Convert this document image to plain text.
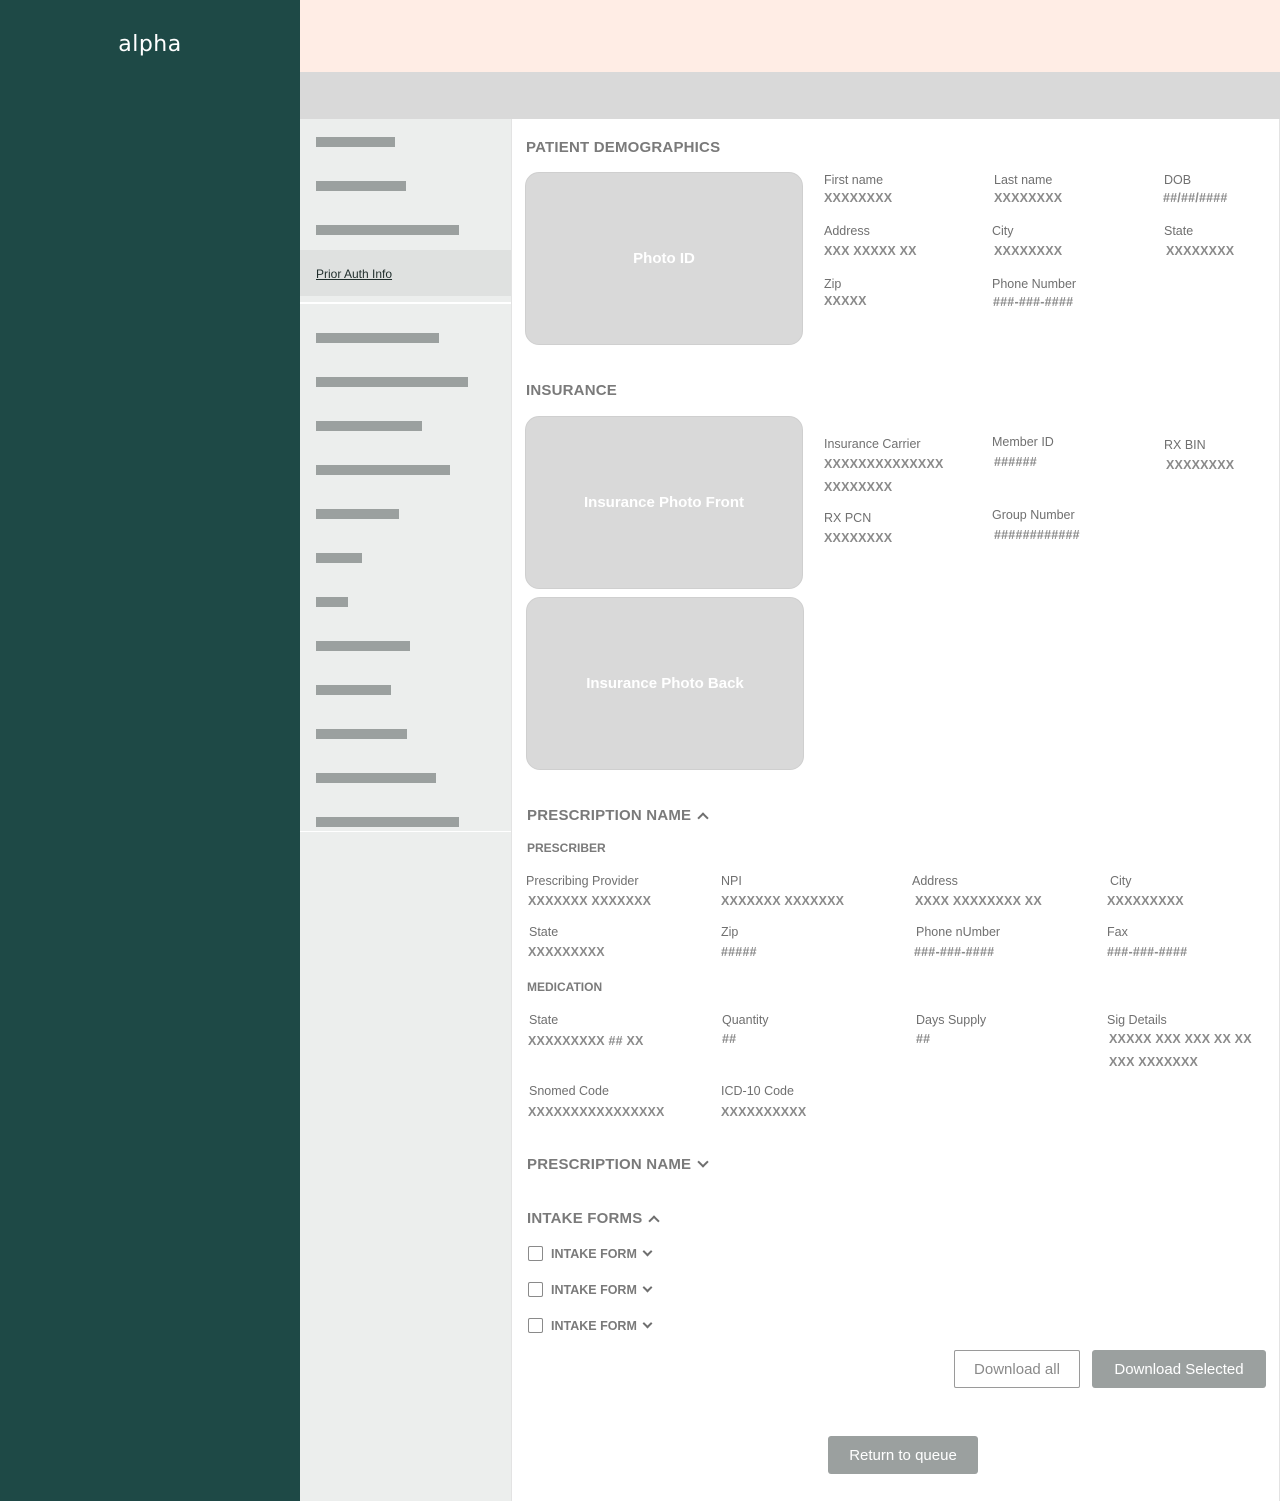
alpha
Prior Auth Info
PATIENT DEMOGRAPHICS
Photo ID
First name
XXXXXXXX
Last name
XXXXXXXX
DOB
##/##/####
Address
XXX XXXXX XX
City
XXXXXXXX
State
XXXXXXXX
Zip
XXXXX
Phone Number
###-###-####
INSURANCE
Insurance Photo Front
Insurance Photo Back
Insurance Carrier
XXXXXXXXXXXXXX
XXXXXXXX
Member ID
######
RX BIN
XXXXXXXX
RX PCN
XXXXXXXX
Group Number
############
PRESCRIPTION NAME
PRESCRIBER
Prescribing Provider
XXXXXXX XXXXXXX
NPI
XXXXXXX XXXXXXX
Address
XXXX XXXXXXXX XX
City
XXXXXXXXX
State
XXXXXXXXX
Zip
#####
Phone nUmber
###-###-####
Fax
###-###-####
MEDICATION
State
XXXXXXXXX ## XX
Quantity
##
Days Supply
##
Sig Details
XXXXX XXX XXX XX XX
XXX XXXXXXX
Snomed Code
XXXXXXXXXXXXXXXX
ICD-10 Code
XXXXXXXXXX
PRESCRIPTION NAME
INTAKE FORMS
INTAKE FORM
INTAKE FORM
INTAKE FORM
Download all	Download Selected
Return to queue
